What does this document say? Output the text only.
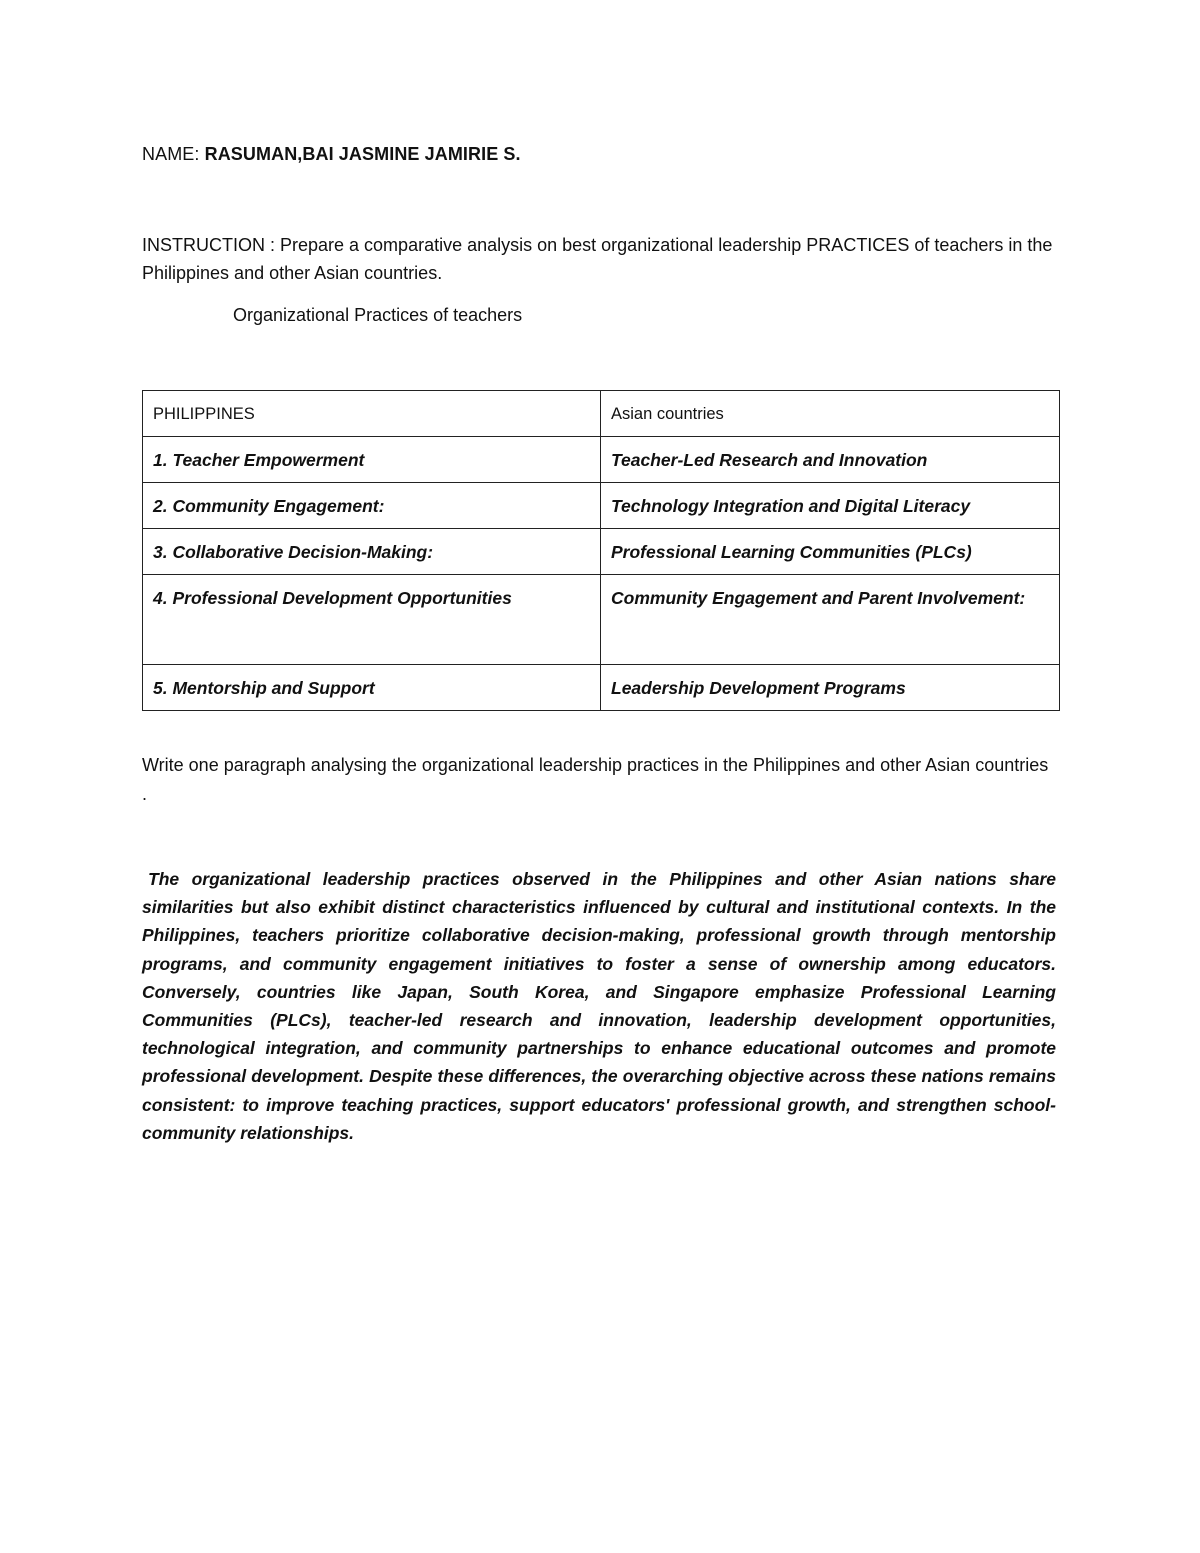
NAME: RASUMAN,BAI JASMINE JAMIRIE S.
INSTRUCTION : Prepare a comparative analysis on best organizational leadership PRACTICES of teachers in the Philippines and other Asian countries.
Organizational Practices of teachers
PHILIPPINES	Asian countries
1. Teacher Empowerment	Teacher-Led Research and Innovation
2. Community Engagement:	Technology Integration and Digital Literacy
3. Collaborative Decision-Making:	Professional Learning Communities (PLCs)
4. Professional Development Opportunities	Community Engagement and Parent Involvement:
5. Mentorship and Support	Leadership Development Programs
Write one paragraph analysing the organizational leadership practices in the Philippines and other Asian countries .
The organizational leadership practices observed in the Philippines and other Asian nations share similarities but also exhibit distinct characteristics influenced by cultural and institutional contexts. In the Philippines, teachers prioritize collaborative decision-making, professional growth through mentorship programs, and community engagement initiatives to foster a sense of ownership among educators. Conversely, countries like Japan, South Korea, and Singapore emphasize Professional Learning Communities (PLCs), teacher-led research and innovation, leadership development opportunities, technological integration, and community partnerships to enhance educational outcomes and promote professional development. Despite these differences, the overarching objective across these nations remains consistent: to improve teaching practices, support educators' professional growth, and strengthen school-community relationships.
